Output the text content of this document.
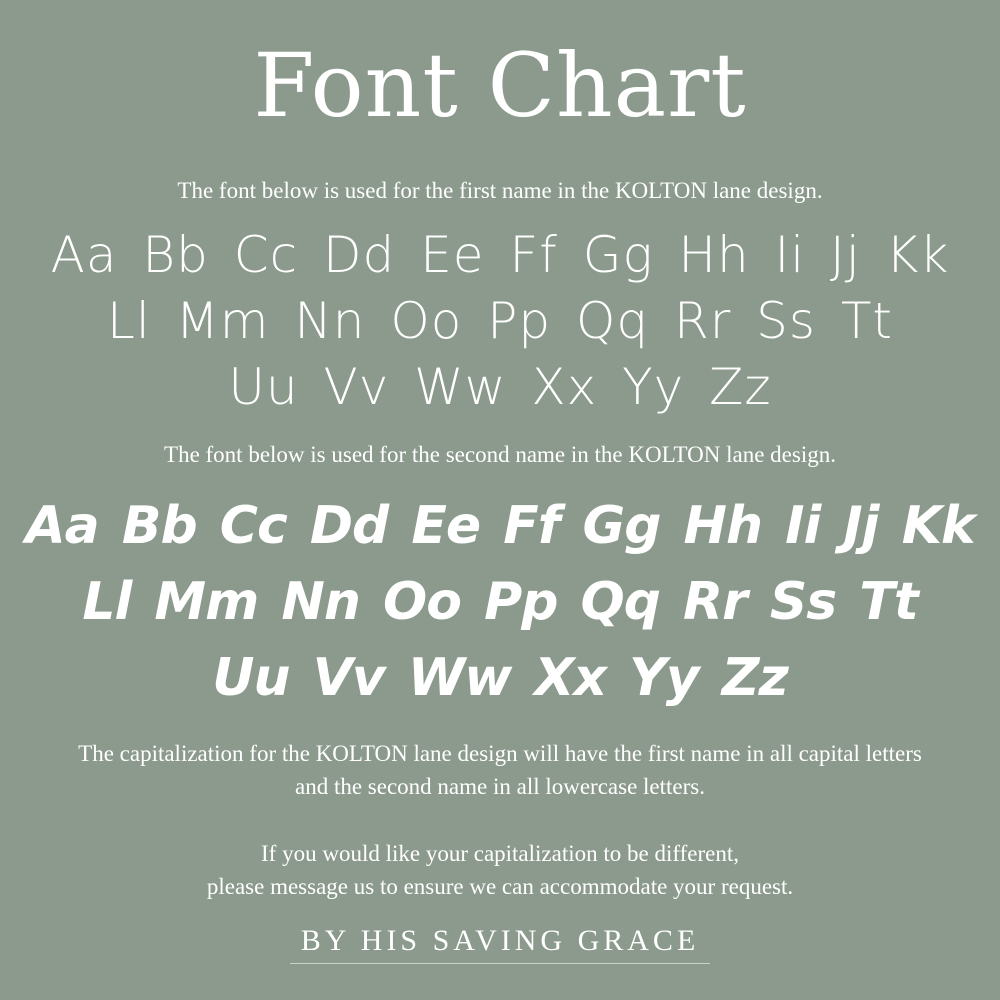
Font Chart
The font below is used for the first name in the KOLTON lane design.
Aa Bb Cc Dd Ee Ff Gg Hh Ii Jj Kk
Ll Mm Nn Oo Pp Qq Rr Ss Tt
Uu Vv Ww Xx Yy Zz
The font below is used for the second name in the KOLTON lane design.
Aa Bb Cc Dd Ee Ff Gg Hh Ii Jj Kk
Ll Mm Nn Oo Pp Qq Rr Ss Tt
Uu Vv Ww Xx Yy Zz
The capitalization for the KOLTON lane design will have the first name in all capital letters
and the second name in all lowercase letters.
If you would like your capitalization to be different,
please message us to ensure we can accommodate your request.
BY HIS SAVING GRACE
